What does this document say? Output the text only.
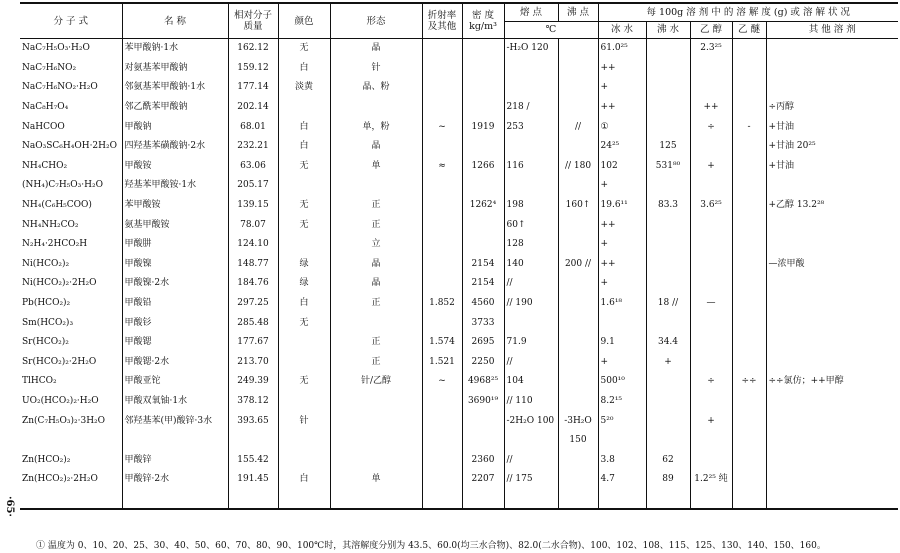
·65·
分 子 式	名 称	相对分子质量	颜色	形态	折射率及其他	密 度
kg/m³	熔 点	沸 点	每 100g 溶 剂 中 的 溶 解 度 (g) 或 溶 解 状 况				
							℃		冰 水	沸 水	乙 醇	乙 醚	其 他 溶 剂
NaC₇H₅O₃·H₂O	苯甲酸钠·1水	162.12	无	晶			-H₂O 120		61.0²⁵		2.3²⁵		
NaC₇H₆NO₂	对氨基苯甲酸钠	159.12	白	针					++				
NaC₇H₆NO₂·H₂O	邻氨基苯甲酸钠·1水	177.14	淡黄	晶、粉					+				
NaC₈H₇O₄	邻乙酰苯甲酸钠	202.14					218 /		++		++		÷丙醇
NaHCOO	甲酸钠	68.01	白	单，粉	~	1919	253	//	①		÷	-	+甘油
NaO₃SC₆H₄OH·2H₂O	四羟基苯磺酸钠·2水	232.21	白	晶					24²⁵	125			+甘油 20²⁵
NH₄CHO₂	甲酸铵	63.06	无	单	≈	1266	116	// 180	102	531⁸⁰	+		+甘油
(NH₄)C₇H₅O₃·H₂O	羟基苯甲酸铵·1水	205.17							+				
NH₄(C₆H₅COO)	苯甲酸铵	139.15	无	正		1262⁴	198	160↑	19.6¹¹	83.3	3.6²⁵		+乙醇 13.2²⁸
NH₄NH₂CO₂	氨基甲酸铵	78.07	无	正			60↑		++				
N₂H₄·2HCO₂H	甲酸肼	124.10		立			128		+				
Ni(HCO₂)₂	甲酸镍	148.77	绿	晶		2154	140	200 //	++				—浓甲酸
Ni(HCO₂)₂·2H₂O	甲酸镍·2水	184.76	绿	晶		2154	//		+				
Pb(HCO₂)₂	甲酸铅	297.25	白	正	1.852	4560	// 190		1.6¹⁸	18 //	—		
Sm(HCO₂)₃	甲酸钐	285.48	无			3733							
Sr(HCO₂)₂	甲酸锶	177.67		正	1.574	2695	71.9		9.1	34.4			
Sr(HCO₂)₂·2H₂O	甲酸锶·2水	213.70		正	1.521	2250	//		+	+			
TlHCO₂	甲酸亚铊	249.39	无	针/乙醇	~	4968²⁵	104		500¹⁰		÷	÷÷	÷÷氯仿；++甲醇
UO₂(HCO₂)₂·H₂O	甲酸双氧铀·1水	378.12				3690¹⁹	// 110		8.2¹⁵				
Zn(C₇H₅O₃)₂·3H₂O	邻羟基苯(甲)酸锌·3水	393.65	针				-2H₂O 100	-3H₂O	5²⁰		+		
								150					
Zn(HCO₂)₂	甲酸锌	155.42				2360	//		3.8	62			
Zn(HCO₂)₂·2H₂O	甲酸锌·2水	191.45	白	单		2207	// 175		4.7	89	1.2²⁵ 纯		
① 温度为 0、10、20、25、30、40、50、60、70、80、90、100℃时，其溶解度分别为 43.5、60.0(均三水合物)、82.0(二水合物)、100、102、108、115、125、130、140、150、160。
